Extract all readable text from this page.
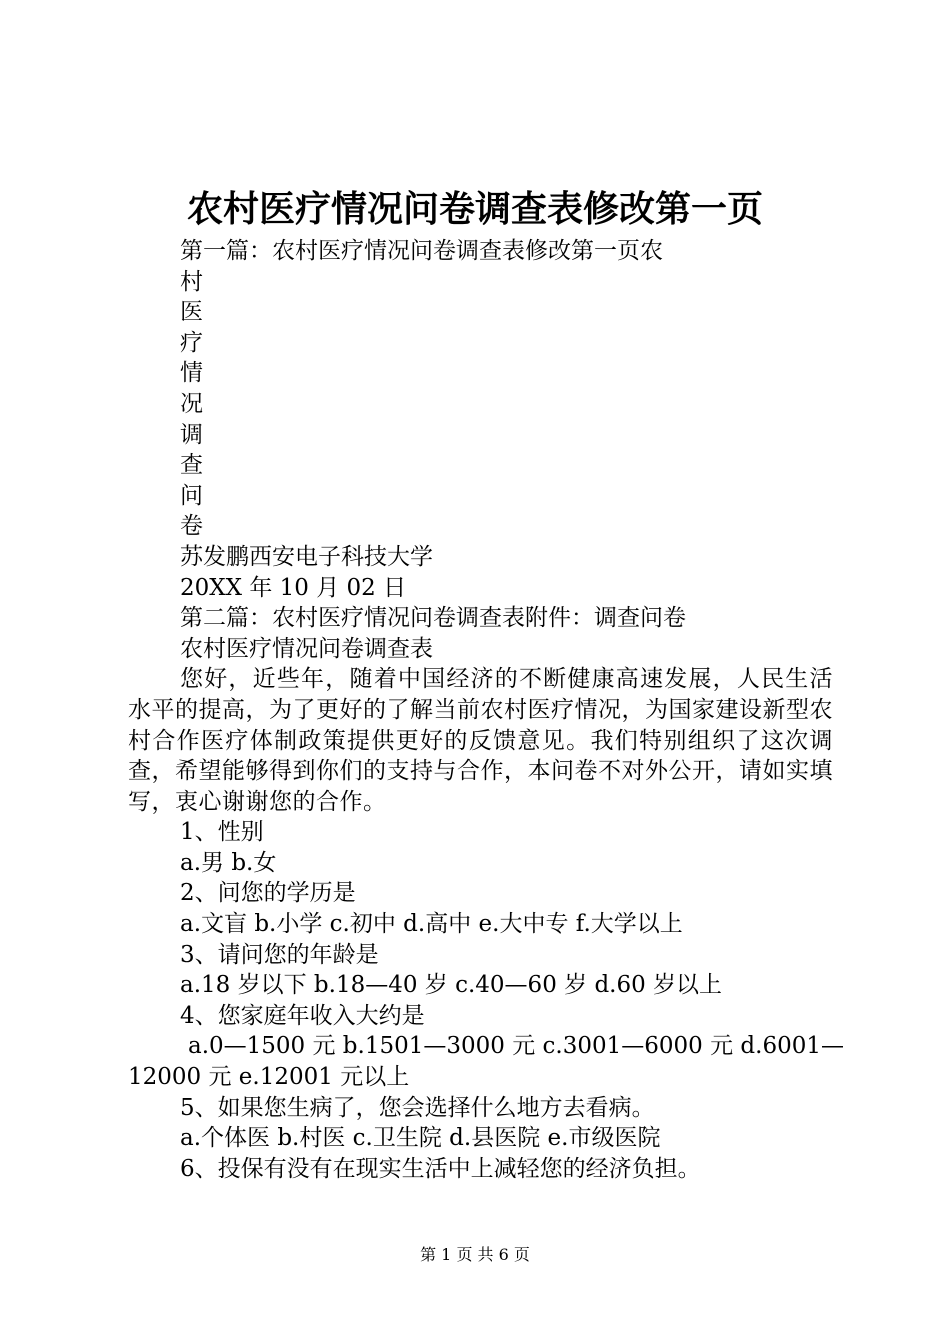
农村医疗情况问卷调查表修改第一页
第一篇：农村医疗情况问卷调查表修改第一页农
村
医
疗
情
况
调
查
问
卷
苏发鹏西安电子科技大学
20XX 年 10 月 02 日
第二篇：农村医疗情况问卷调查表附件：调查问卷
农村医疗情况问卷调查表
您好，近些年，随着中国经济的不断健康高速发展，人民生活水平的提高，为了更好的了解当前农村医疗情况，为国家建设新型农村合作医疗体制政策提供更好的反馈意见。我们特别组织了这次调查，希望能够得到你们的支持与合作，本问卷不对外公开，请如实填写，衷心谢谢您的合作。
1、性别
a.男 b.女
2、问您的学历是
a.文盲 b.小学 c.初中 d.高中 e.大中专 f.大学以上
3、请问您的年龄是
a.18 岁以下 b.18—40 岁 c.40—60 岁 d.60 岁以上
4、您家庭年收入大约是
a.0—1500 元 b.1501—3000 元 c.3001—6000 元 d.6001—
12000 元 e.12001 元以上
5、如果您生病了，您会选择什么地方去看病。
a.个体医 b.村医 c.卫生院 d.县医院 e.市级医院
6、投保有没有在现实生活中上减轻您的经济负担。
第 1 页 共 6 页
